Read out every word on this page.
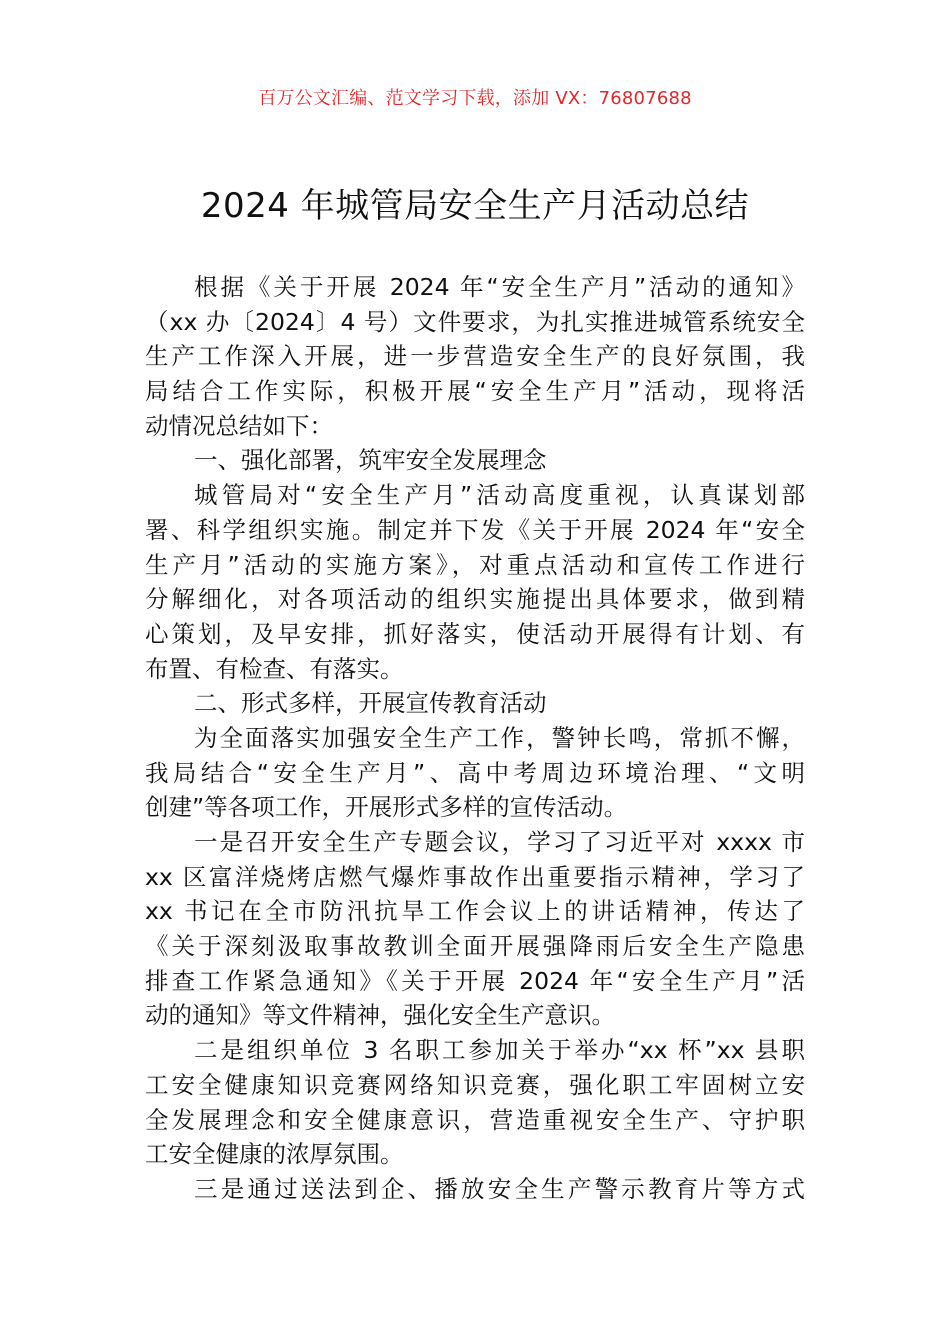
百万公文汇编、范文学习下载，添加 VX：76807688
2024 年城管局安全生产月活动总结
根据《关于开展 2024 年“安全生产月”活动的通知》
（xx 办〔2024〕4 号）文件要求，为扎实推进城管系统安全
生产工作深入开展，进一步营造安全生产的良好氛围，我
局结合工作实际，积极开展“安全生产月”活动，现将活
动情况总结如下：
一、强化部署，筑牢安全发展理念
城管局对“安全生产月”活动高度重视，认真谋划部
署、科学组织实施。制定并下发《关于开展 2024 年“安全
生产月”活动的实施方案》，对重点活动和宣传工作进行
分解细化，对各项活动的组织实施提出具体要求，做到精
心策划，及早安排，抓好落实，使活动开展得有计划、有
布置、有检查、有落实。
二、形式多样，开展宣传教育活动
为全面落实加强安全生产工作，警钟长鸣，常抓不懈，
我局结合“安全生产月”、高中考周边环境治理、“文明
创建”等各项工作，开展形式多样的宣传活动。
一是召开安全生产专题会议，学习了习近平对 xxxx 市
xx 区富洋烧烤店燃气爆炸事故作出重要指示精神，学习了
xx 书记在全市防汛抗旱工作会议上的讲话精神，传达了
《关于深刻汲取事故教训全面开展强降雨后安全生产隐患
排查工作紧急通知》《关于开展 2024 年“安全生产月”活
动的通知》等文件精神，强化安全生产意识。
二是组织单位 3 名职工参加关于举办“xx 杯”xx 县职
工安全健康知识竞赛网络知识竞赛，强化职工牢固树立安
全发展理念和安全健康意识，营造重视安全生产、守护职
工安全健康的浓厚氛围。
三是通过送法到企、播放安全生产警示教育片等方式
